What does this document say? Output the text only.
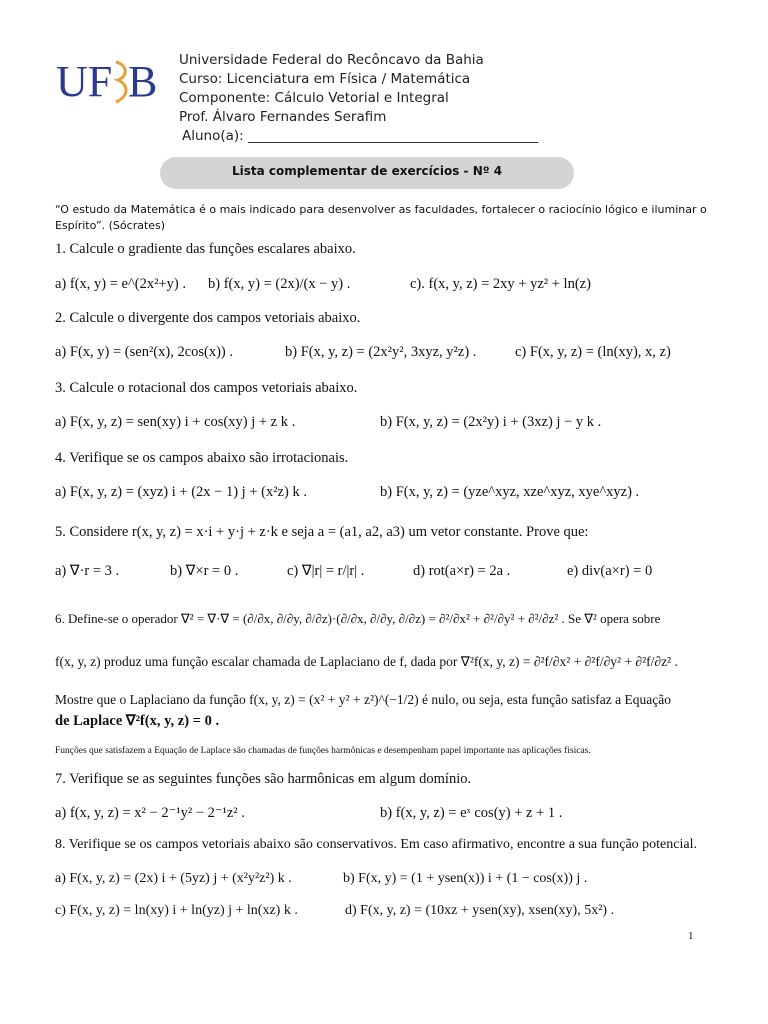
UF B Universidade Federal do Recôncavo da Bahia
Curso: Licenciatura em Física / Matemática
Componente: Cálculo Vetorial e Integral
Prof. Álvaro Fernandes Serafim
Aluno(a): ___________________________________________
Lista complementar de exercícios - Nº 4
“O estudo da Matemática é o mais indicado para desenvolver as faculdades, fortalecer o raciocínio lógico e iluminar o
Espírito”. (Sócrates)
1. Calcule o gradiente das funções escalares abaixo.
a) f(x, y) = e^(2x²+y) . b) f(x, y) = (2x)/(x − y) .	c). f(x, y, z) = 2xy + yz² + ln(z)
2. Calcule o divergente dos campos vetoriais abaixo.
a) F(x, y) = (sen²(x), 2cos(x)) .	b) F(x, y, z) = (2x²y², 3xyz, y²z) .	c) F(x, y, z) = (ln(xy), x, z)
3. Calcule o rotacional dos campos vetoriais abaixo.
a) F(x, y, z) = sen(xy) i + cos(xy) j + z k .	b) F(x, y, z) = (2x²y) i + (3xz) j − y k .
4. Verifique se os campos abaixo são irrotacionais.
a) F(x, y, z) = (xyz) i + (2x − 1) j + (x²z) k .	b) F(x, y, z) = (yze^xyz, xze^xyz, xye^xyz) .
5. Considere r(x, y, z) = x·i + y·j + z·k e seja a = (a1, a2, a3) um vetor constante. Prove que:
a) ∇·r = 3 .	b) ∇×r = 0 .	c) ∇|r| = r/|r| .	d) rot(a×r) = 2a .	e) div(a×r) = 0
6. Define-se o operador ∇² = ∇·∇ = (∂/∂x, ∂/∂y, ∂/∂z)·(∂/∂x, ∂/∂y, ∂/∂z) = ∂²/∂x² + ∂²/∂y² + ∂²/∂z² . Se ∇² opera sobre
f(x, y, z) produz uma função escalar chamada de Laplaciano de f, dada por ∇²f(x, y, z) = ∂²f/∂x² + ∂²f/∂y² + ∂²f/∂z² .
Mostre que o Laplaciano da função f(x, y, z) = (x² + y² + z²)^(−1/2) é nulo, ou seja, esta função satisfaz a Equação
de Laplace ∇²f(x, y, z) = 0 .
Funções que satisfazem a Equação de Laplace são chamadas de funções harmônicas e desempenham papel importante nas aplicações físicas.
7. Verifique se as seguintes funções são harmônicas em algum domínio.
a) f(x, y, z) = x² − 2⁻¹y² − 2⁻¹z² .	b) f(x, y, z) = eˣ cos(y) + z + 1 .
8. Verifique se os campos vetoriais abaixo são conservativos. Em caso afirmativo, encontre a sua função potencial.
a) F(x, y, z) = (2x) i + (5yz) j + (x²y²z²) k .	b) F(x, y) = (1 + ysen(x)) i + (1 − cos(x)) j .
c) F(x, y, z) = ln(xy) i + ln(yz) j + ln(xz) k .	d) F(x, y, z) = (10xz + ysen(xy), xsen(xy), 5x²) .
1
